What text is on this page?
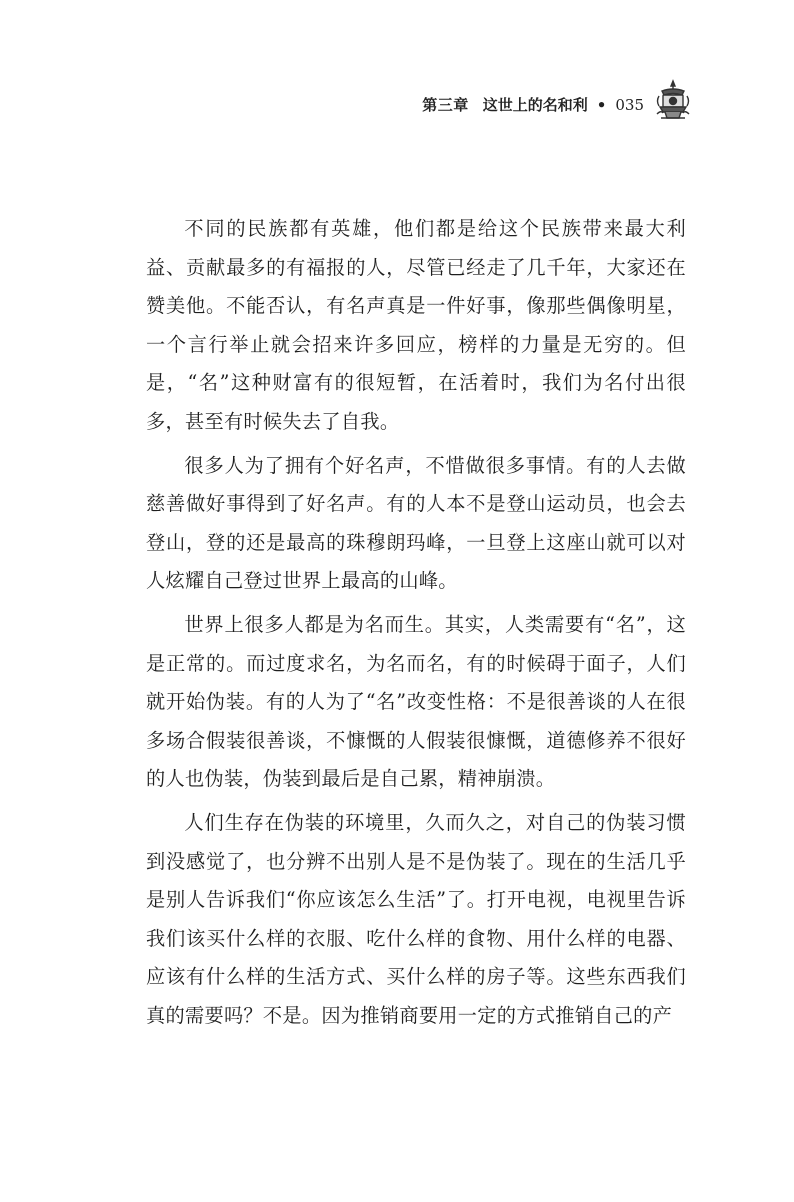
第三章 这世上的名和利 • 035

不同的民族都有英雄，他们都是给这个民族带来最大利益、贡献最多的有福报的人，尽管已经走了几千年，大家还在赞美他。不能否认，有名声真是一件好事，像那些偶像明星，一个言行举止就会招来许多回应，榜样的力量是无穷的。但是，“名”这种财富有的很短暂，在活着时，我们为名付出很多，甚至有时候失去了自我。

很多人为了拥有个好名声，不惜做很多事情。有的人去做慈善做好事得到了好名声。有的人本不是登山运动员，也会去登山，登的还是最高的珠穆朗玛峰，一旦登上这座山就可以对人炫耀自己登过世界上最高的山峰。

世界上很多人都是为名而生。其实，人类需要有“名”，这是正常的。而过度求名，为名而名，有的时候碍于面子，人们就开始伪装。有的人为了“名”改变性格：不是很善谈的人在很多场合假装很善谈，不慷慨的人假装很慷慨，道德修养不很好的人也伪装，伪装到最后是自己累，精神崩溃。

人们生存在伪装的环境里，久而久之，对自己的伪装习惯到没感觉了，也分辨不出别人是不是伪装了。现在的生活几乎是别人告诉我们“你应该怎么生活”了。打开电视，电视里告诉我们该买什么样的衣服、吃什么样的食物、用什么样的电器、应该有什么样的生活方式、买什么样的房子等。这些东西我们真的需要吗？不是。因为推销商要用一定的方式推销自己的产
